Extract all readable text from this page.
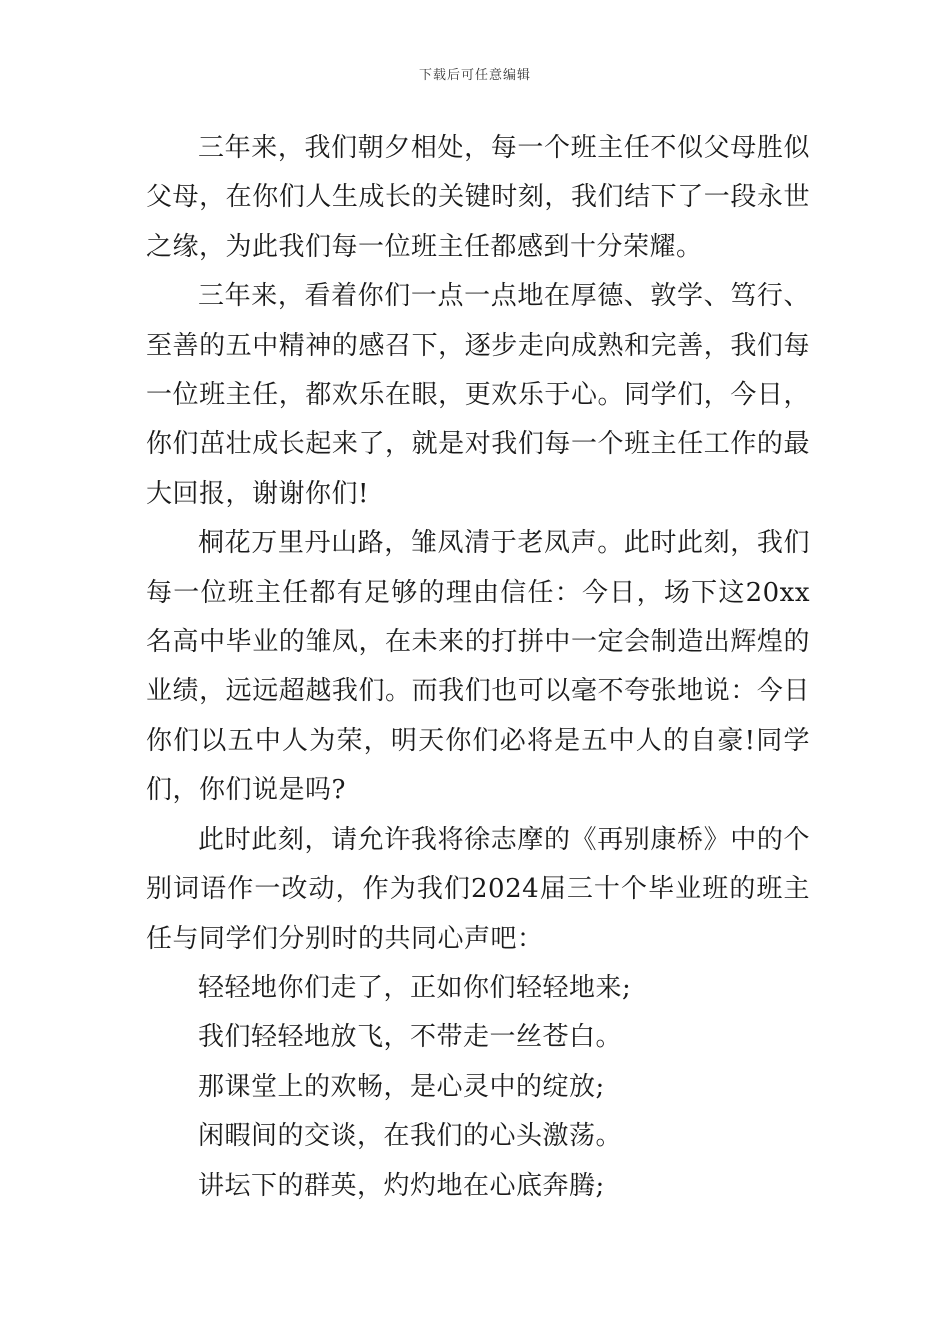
下载后可任意编辑

三年来，我们朝夕相处，每一个班主任不似父母胜似父母，在你们人生成长的关键时刻，我们结下了一段永世之缘，为此我们每一位班主任都感到十分荣耀。

三年来，看着你们一点一点地在厚德、敦学、笃行、至善的五中精神的感召下，逐步走向成熟和完善，我们每一位班主任，都欢乐在眼，更欢乐于心。同学们，今日，你们茁壮成长起来了，就是对我们每一个班主任工作的最大回报，谢谢你们!

桐花万里丹山路，雏凤清于老凤声。此时此刻，我们每一位班主任都有足够的理由信任：今日，场下这20xx名高中毕业的雏凤，在未来的打拼中一定会制造出辉煌的业绩，远远超越我们。而我们也可以毫不夸张地说：今日你们以五中人为荣，明天你们必将是五中人的自豪!同学们，你们说是吗?

此时此刻，请允许我将徐志摩的《再别康桥》中的个别词语作一改动，作为我们2024届三十个毕业班的班主任与同学们分别时的共同心声吧：

轻轻地你们走了，正如你们轻轻地来;

我们轻轻地放飞，不带走一丝苍白。

那课堂上的欢畅，是心灵中的绽放;

闲暇间的交谈，在我们的心头激荡。

讲坛下的群英，灼灼地在心底奔腾;
